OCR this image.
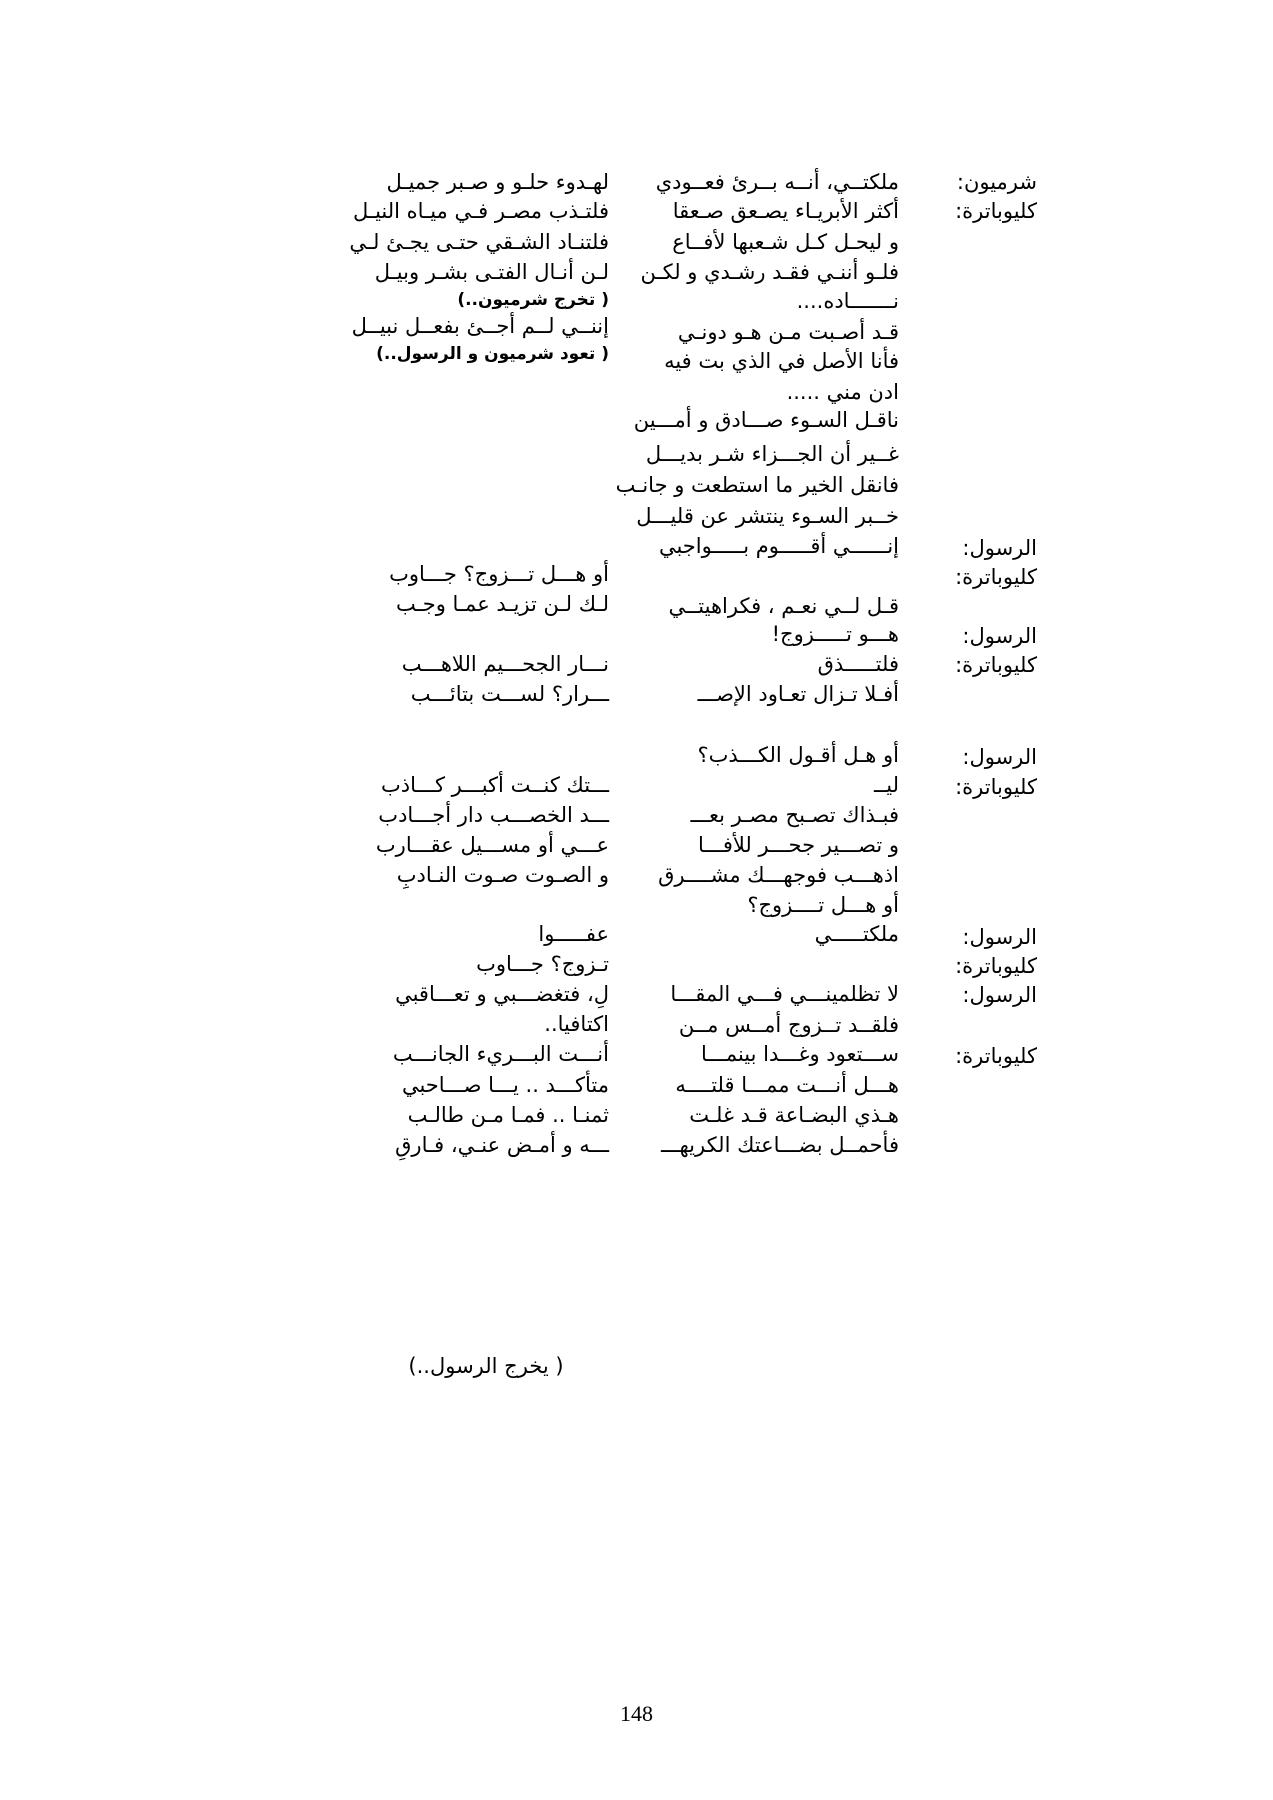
شرميون:
ملكتــي، أنــه بــرئ فعــودي
لهـدوء حلـو و صـبر جميـل
كليوباترة:
أكثر الأبريـاء يصـعق صـعقا
فلتـذب مصـر فـي ميـاه النيـل
و ليحـل كـل شـعبها لأفــاع
فلتنـاد الشـقي حتـى يجـئ لـي
فلـو أننـي فقـد رشـدي و لكـن
لـن أنـال الفتـى بشـر وبيـل
نـــــــاده....
( تخرج شرميون..)
قـد أصـبت مـن هـو دونـي
إننــي لــم أجــئ بفعــل نبيــل
فأنا الأصل في الذي بت فيه
( تعود شرميون و الرسول..)
ادن مني .....
ناقـل السـوء صـــادق و أمـــين
غــير أن الجـــزاء شـر بديـــل
فانقل الخير ما استطعت و جانـب
خــبر السـوء ينتشر عن قليـــل
الرسول:
إنــــــي أقـــــوم بـــــواجبي
كليوباترة:
أو هـــل تـــزوج؟ جـــاوب
قـل لــي نعـم ، فكراهيتــي
لـك لـن تزيـد عمـا وجـب
الرسول:
هـــو تـــــزوج!
كليوباترة:
فلتـــــذق
نـــار الجحـــيم اللاهـــب
أفـلا تـزال تعـاود الإصـــ
ـــرار؟ لســـت بتائـــب
الرسول:
أو هـل أقـول الكـــذب؟
كليوباترة:
ليــ
ـــتك كنــت أكبـــر كـــاذب
فبـذاك تصـبح مصـر بعـــ
ـــد الخصـــب دار أجـــادب
و تصـــير جحـــر للأفـــا
عـــي أو مســـيل عقـــارب
اذهـــب فوجهـــك مشــــرق
و الصـوت صـوت النـادبِ
أو هـــل تــــزوج؟
الرسول:
ملكتـــــي
عفـــــوا
كليوباترة:
تـزوج؟ جـــاوب
الرسول:
لا تظلمينـــي فـــي المقـــا
لِ، فتغضـــبي و تعـــاقبي
فلقــد تــزوج أمــس مــن
اكتافيا..
كليوباترة:
ســـتعود وغـــدا بينمـــا
أنـــت البـــريء الجانـــب
هـــل أنـــت ممـــا قلتــــه
متأكـــد .. يـــا صـــاحبي
هـذي البضـاعة قـد غلـت
ثمنـا .. فمـا مـن طالـب
فأحمــل بضـــاعتك الكريهـــ
ـــه و أمـض عنـي، فـارقِ
( يخرج الرسول..)
148
